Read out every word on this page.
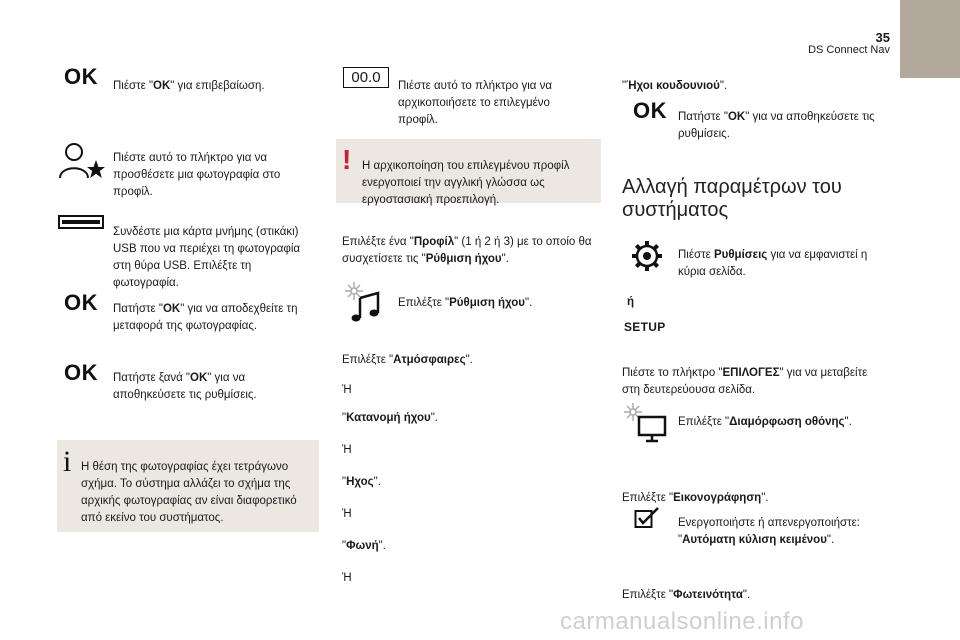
35
DS Connect Nav
OK Πιέστε "OK" για επιβεβαίωση.

Πιέστε αυτό το πλήκτρο για να προσθέσετε μια φωτογραφία στο προφίλ.

Συνδέστε μια κάρτα μνήμης (στικάκι) USB που να περιέχει τη φωτογραφία στη θύρα USB. Επιλέξτε τη φωτογραφία.

OK Πατήστε "OK" για να αποδεχθείτε τη μεταφορά της φωτογραφίας.

OK Πατήστε ξανά "OK" για να αποθηκεύσετε τις ρυθμίσεις.

i Η θέση της φωτογραφίας έχει τετράγωνο σχήμα. Το σύστημα αλλάζει το σχήμα της αρχικής φωτογραφίας αν είναι διαφορετικό από εκείνο του συστήματος.

00.0	Πιέστε αυτό το πλήκτρο για να αρχικοποιήσετε το επιλεγμένο προφίλ.

! Η αρχικοποίηση του επιλεγμένου προφίλ ενεργοποιεί την αγγλική γλώσσα ως εργοστασιακή προεπιλογή.

Επιλέξτε ένα "Προφίλ" (1 ή 2 ή 3) με το οποίο θα συσχετίσετε τις "Ρύθμιση ήχου".

Επιλέξτε "Ρύθμιση ήχου".

Επιλέξτε "Ατμόσφαιρες".

Ή

"Κατανομή ήχου".

Ή

"Ηχος".

Ή

"Φωνή".

Ή

"Ήχοι κουδουνιού".

OK Πατήστε "OK" για να αποθηκεύσετε τις ρυθμίσεις.

Αλλαγή παραμέτρων του συστήματος

Πιέστε Ρυθμίσεις για να εμφανιστεί η κύρια σελίδα.

ή

SETUP

Πιέστε το πλήκτρο "ΕΠΙΛΟΓΕΣ" για να μεταβείτε στη δευτερεύουσα σελίδα.

Επιλέξτε "Διαμόρφωση οθόνης".

Επιλέξτε "Εικονογράφηση".

Ενεργοποιήστε ή απενεργοποιήστε: "Αυτόματη κύλιση κειμένου".

Επιλέξτε "Φωτεινότητα".

carmanualsonline.info
